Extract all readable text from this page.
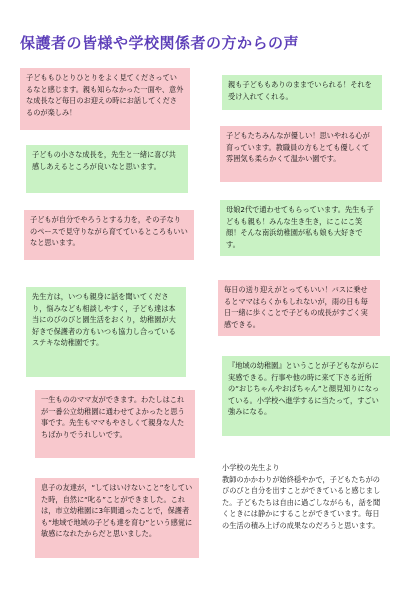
保護者の皆様や学校関係者の方からの声
子どももひとりひとりをよく見てくださっているなと感じます。親も知らなかった一面や、意外な成長など毎日のお迎えの時にお話してくださるのが楽しみ！
子どもの小さな成長を，先生と一緒に喜び共感しあえるところが良いなと思います。
子どもが自分でやろうとする力を，その子なりのペースで見守りながら育てているところもいいなと思います。
先生方は，いつも親身に話を聞いてくださり，悩みなども相談しやすく，子ども達は本当にのびのびと園生活をおくり，幼稚園が大好きで保護者の方もいつも協力し合っているステキな幼稚園です。
一生もののママ友ができます。わたしはこれが一番公立幼稚園に通わせてよかったと思う事です。先生もママもやさしくて親身な人たちばかりでうれしいです。
息子の友達が，“してはいけないこと”をしていた時，自然に“叱る”ことができました。これは，市立幼稚園に3年間通ったことで，保護者も“地域で地域の子ども達を育む”という感覚に敏感になれたからだと思いました。
親も子どももありのままでいられる！それを受け入れてくれる。
子どもたちみんなが優しい！思いやれる心が育っています。教職員の方もとても優しくて雰囲気も柔らかくて温かい園です。
母娘2代で通わせてもらっています。先生も子どもも親も！みんな生き生き，にこにこ笑顔！そんな南浜幼稚園が私も娘も大好きです。
毎日の送り迎えがとってもいい！バスに乗せるとママはらくかもしれないが，雨の日も毎日一緒に歩くことで子どもの成長がすごく実感できる。
『地域の幼稚園』ということが子どもながらに実感できる。行事や他の時に来て下さる近所の“おじちゃんやおばちゃん”と顔見知りになっている。小学校へ進学するに当たって，すごい強みになる。
小学校の先生より
教師のかかわりが始終穏やかで，子どもたちがのびのびと自分を出すことができていると感じました。子どもたちは自由に過ごしながらも，話を聞くときには静かにすることができています。毎日の生活の積み上げの成果なのだろうと思います。
